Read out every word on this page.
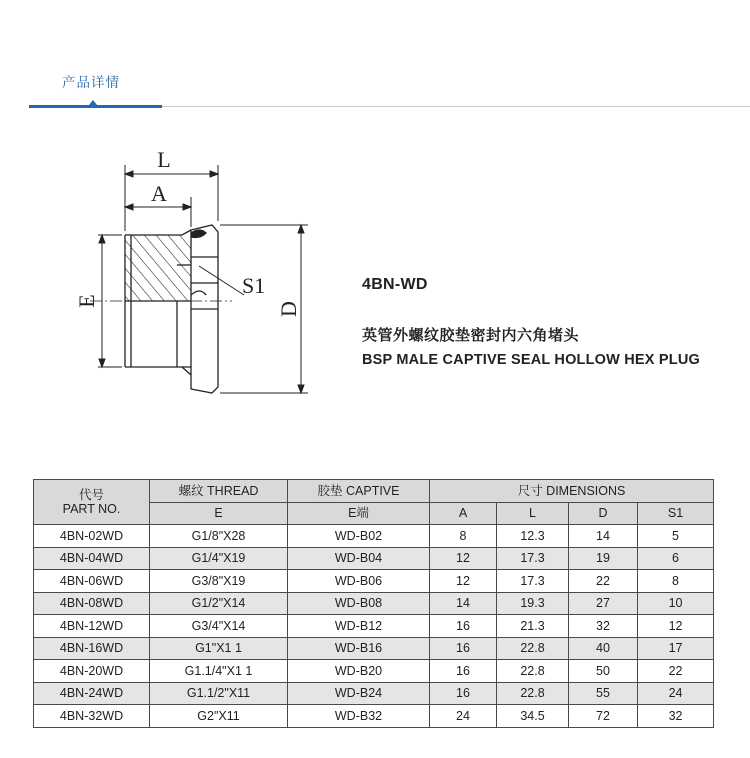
产品详情
L
A
E
D
S1	4BN-WD
英管外螺纹胶垫密封内六角堵头
BSP MALE CAPTIVE SEAL HOLLOW HEX PLUG
代号
PART NO.	螺纹 THREAD	胶垫 CAPTIVE	尺寸 DIMENSIONS			
	E	E端	A	L	D	S1
4BN-02WD	G1/8"X28	WD-B02	8	12.3	14	5
4BN-04WD	G1/4"X19	WD-B04	12	17.3	19	6
4BN-06WD	G3/8"X19	WD-B06	12	17.3	22	8
4BN-08WD	G1/2"X14	WD-B08	14	19.3	27	10
4BN-12WD	G3/4"X14	WD-B12	16	21.3	32	12
4BN-16WD	G1"X1 1	WD-B16	16	22.8	40	17
4BN-20WD	G1.1/4"X1 1	WD-B20	16	22.8	50	22
4BN-24WD	G1.1/2"X11	WD-B24	16	22.8	55	24
4BN-32WD	G2"X11	WD-B32	24	34.5	72	32
